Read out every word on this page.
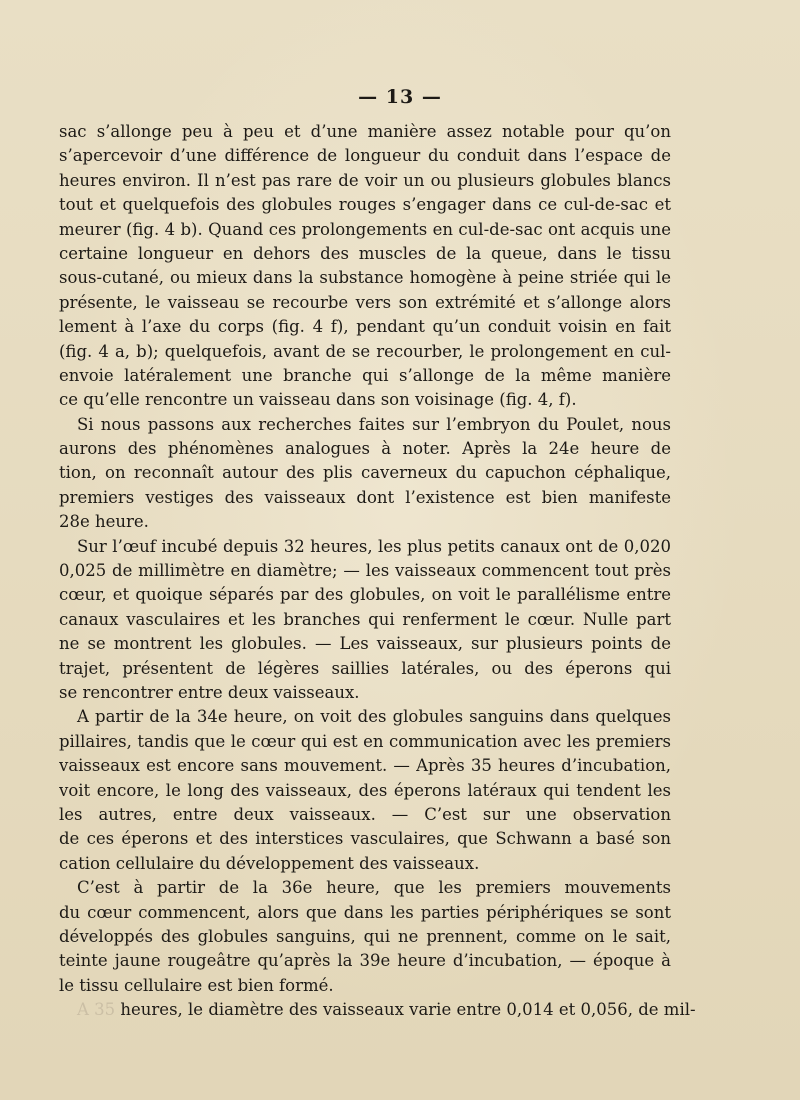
— 13 —
sac s’allonge peu à peu et d’une manière assez notable pour qu’on
s’apercevoir d’une différence de longueur du conduit dans l’espace de
heures environ. Il n’est pas rare de voir un ou plusieurs globules blancs
tout et quelquefois des globules rouges s’engager dans ce cul-de-sac et
meurer (fig. 4 b). Quand ces prolongements en cul-de-sac ont acquis une
certaine longueur en dehors des muscles de la queue, dans le tissu
sous-cutané, ou mieux dans la substance homogène à peine striée qui le
présente, le vaisseau se recourbe vers son extrémité et s’allonge alors
lement à l’axe du corps (fig. 4 f), pendant qu’un conduit voisin en fait
(fig. 4 a, b); quelquefois, avant de se recourber, le prolongement en cul-
envoie latéralement une branche qui s’allonge de la même manière
ce qu’elle rencontre un vaisseau dans son voisinage (fig. 4, f).
Si nous passons aux recherches faites sur l’embryon du Poulet, nous
aurons des phénomènes analogues à noter. Après la 24e heure de
tion, on reconnaît autour des plis caverneux du capuchon céphalique,
premiers vestiges des vaisseaux dont l’existence est bien manifeste
28e heure.
Sur l’œuf incubé depuis 32 heures, les plus petits canaux ont de 0,020
0,025 de millimètre en diamètre; — les vaisseaux commencent tout près
cœur, et quoique séparés par des globules, on voit le parallélisme entre
canaux vasculaires et les branches qui renferment le cœur. Nulle part
ne se montrent les globules. — Les vaisseaux, sur plusieurs points de
trajet, présentent de légères saillies latérales, ou des éperons qui
se rencontrer entre deux vaisseaux.
A partir de la 34e heure, on voit des globules sanguins dans quelques
pillaires, tandis que le cœur qui est en communication avec les premiers
vaisseaux est encore sans mouvement. — Après 35 heures d’incubation,
voit encore, le long des vaisseaux, des éperons latéraux qui tendent les
les autres, entre deux vaisseaux. — C’est sur une observation
de ces éperons et des interstices vasculaires, que Schwann a basé son
cation cellulaire du développement des vaisseaux.
C’est à partir de la 36e heure, que les premiers mouvements
du cœur commencent, alors que dans les parties périphériques se sont
développés des globules sanguins, qui ne prennent, comme on le sait,
teinte jaune rougeâtre qu’après la 39e heure d’incubation, — époque à
le tissu cellulaire est bien formé.
A 35 heures, le diamètre des vaisseaux varie entre 0,014 et 0,056, de mil-
